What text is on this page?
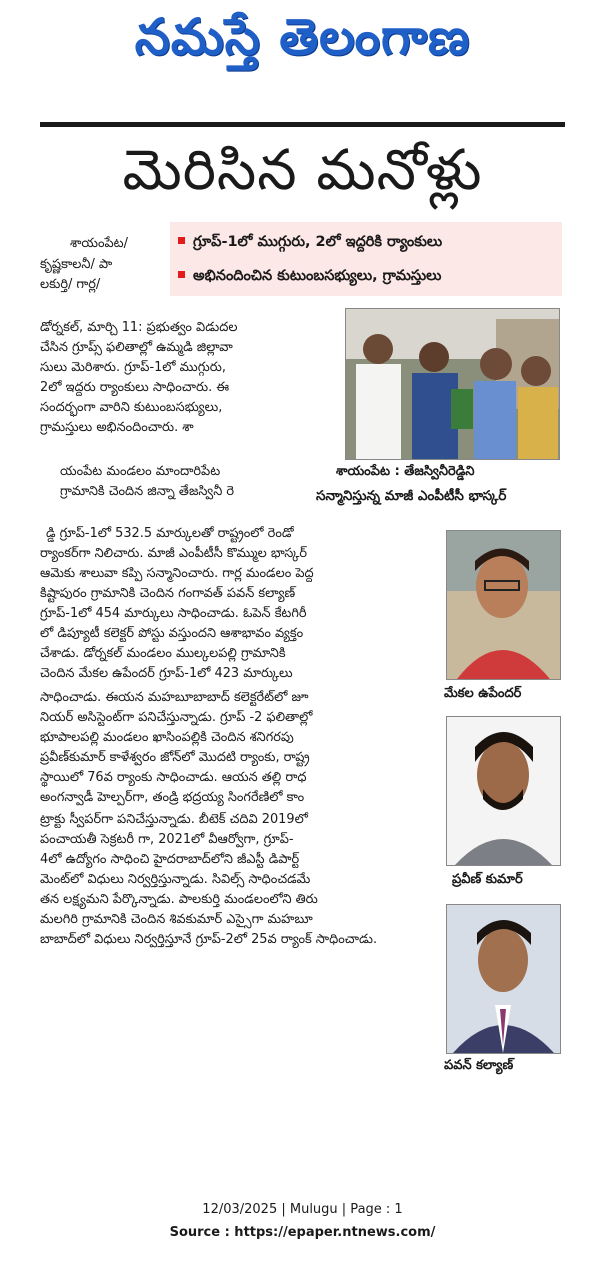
నమస్తే తెలంగాణ
మెరిసిన మనోళ్లు
గ్రూప్-1లో ముగ్గురు, 2లో ఇద్దరికి ర్యాంకులు
అభినందించిన కుటుంబసభ్యులు, గ్రామస్తులు
శాయంపేట : తేజస్వినీరెడ్డిని
సన్మానిస్తున్న మాజీ ఎంపీటీసీ భాస్కర్
మేకల ఉపేందర్
ప్రవీణ్ కుమార్
పవన్ కల్యాణ్
శాయంపేట/
కృష్ణకాలనీ/ పా
లకుర్తి/ గార్ల/
డోర్నకల్, మార్చి 11: ప్రభుత్వం విడుదల
చేసిన గ్రూప్స్ ఫలితాల్లో ఉమ్మడి జిల్లావా
సులు మెరిశారు. గ్రూప్-1లో ముగ్గురు,
2లో ఇద్దరు ర్యాంకులు సాధించారు. ఈ
సందర్భంగా వారిని కుటుంబసభ్యులు,
గ్రామస్తులు అభినందించారు. శా
యంపేట మండలం మాందారిపేట
గ్రామానికి చెందిన జిన్నా తేజస్వినీ రె
డ్డి గ్రూప్-1లో 532.5 మార్కులతో రాష్ట్రంలో రెండో
ర్యాంకర్‌గా నిలిచారు. మాజీ ఎంపీటీసీ కొమ్ముల భాస్కర్
ఆమెకు శాలువా కప్పి సన్మానించారు. గార్ల మండలం పెద్ద
కిష్టాపురం గ్రామానికి చెందిన గంగావత్ పవన్ కల్యాణ్
గ్రూప్-1లో 454 మార్కులు సాధించాడు. ఓపెన్ కేటగిరీ
లో డిప్యూటీ కలెక్టర్ పోస్టు వస్తుందని ఆశాభావం వ్యక్తం
చేశాడు. డోర్నకల్ మండలం ముల్కలపల్లి గ్రామానికి
చెందిన మేకల ఉపేందర్ గ్రూప్-1లో 423 మార్కులు
సాధించాడు. ఈయన మహబూబాబాద్ కలెక్టరేట్‌లో జూ
నియర్ అసిస్టెంట్‌గా పనిచేస్తున్నాడు. గ్రూప్ -2 ఫలితాల్లో
భూపాలపల్లి మండలం ఖాసింపల్లికి చెందిన శనిగరపు
ప్రవీణ్‌కుమార్ కాళేశ్వరం జోన్‌లో మొదటి ర్యాంకు, రాష్ట్ర
స్థాయిలో 76వ ర్యాంకు సాధించాడు. ఆయన తల్లి రాధ
అంగన్వాడీ హెల్పర్‌గా, తండ్రి భద్రయ్య సింగరేణిలో కాం
ట్రాక్టు స్వీపర్‌గా పనిచేస్తున్నాడు. బీటెక్ చదివి 2019లో
పంచాయతీ సెక్రటరీ గా, 2021లో వీఆర్వోగా, గ్రూప్-
4లో ఉద్యోగం సాధించి హైదరాబాద్‌లోని జీఎస్టీ డిపార్ట్
మెంట్‌లో విధులు నిర్వర్తిస్తున్నాడు. సివిల్స్ సాధించడమే
తన లక్ష్యమని పేర్కొన్నాడు. పాలకుర్తి మండలంలోని తిరు
మలగిరి గ్రామానికి చెందిన శివకుమార్ ఎస్సైగా మహబూ
బాబాద్‌లో విధులు నిర్వర్తిస్తూనే గ్రూప్-2లో 25వ ర్యాంక్ సాధించాడు.
12/03/2025 | Mulugu | Page : 1
Source : https://epaper.ntnews.com/
